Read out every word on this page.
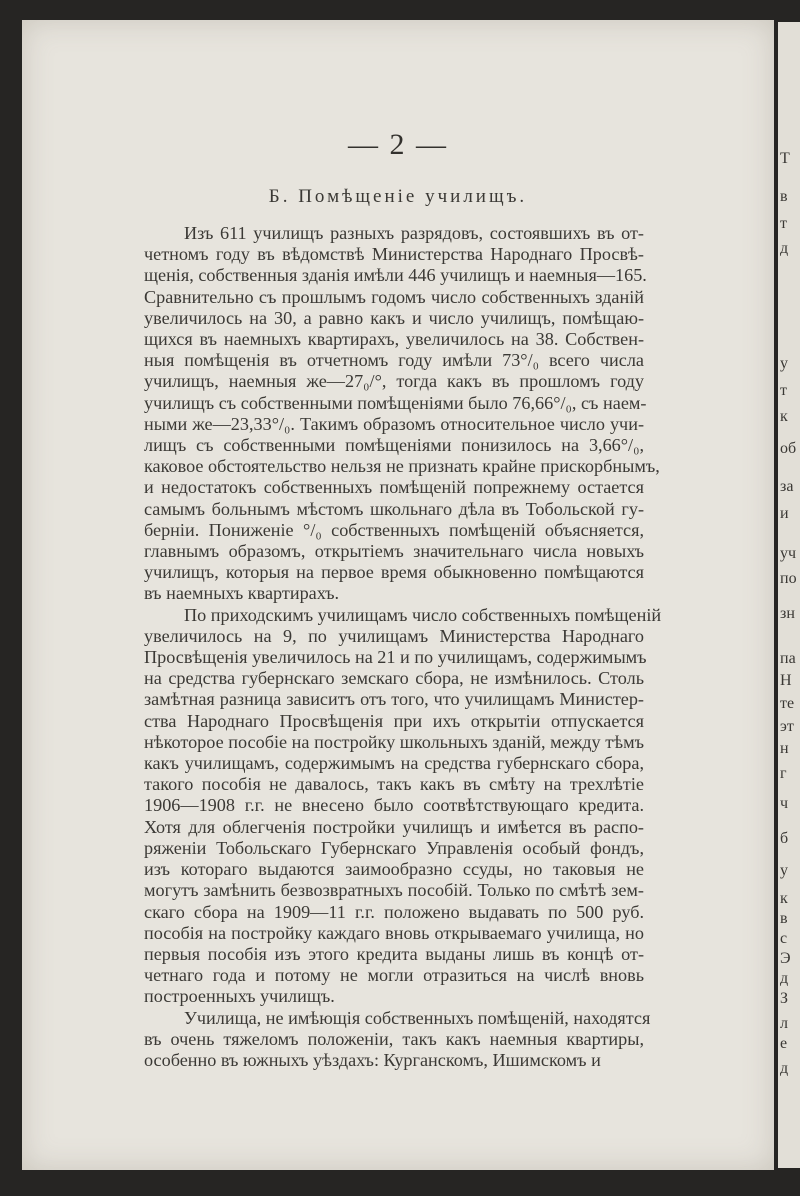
Т
в
т
д
у
т
к
об
за
и
уч
по
зн
па
Н
те
эт
н
г
ч
б
у
к
в
с
Э
д
З
л
е
д
— 2 —
Б. Помѣщенiе училищъ.
Изъ 611 училищъ разныхъ разрядовъ, состоявшихъ въ от-
четномъ году въ вѣдомствѣ Министерства Народнаго Просвѣ-
щенія, собственныя зданія имѣли 446 училищъ и наемныя—165.
Сравнительно съ прошлымъ годомъ число собственныхъ зданій
увеличилось на 30, а равно какъ и число училищъ, помѣщаю-
щихся въ наемныхъ квартирахъ, увеличилось на 38. Собствен-
ныя помѣщенія въ отчетномъ году имѣли 73°/₀ всего числа
училищъ, наемныя же—27₀/°, тогда какъ въ прошломъ году
училищъ съ собственными помѣщеніями было 76,66°/₀, съ наем-
ными же—23,33°/₀. Такимъ образомъ относительное число учи-
лищъ съ собственными помѣщеніями понизилось на 3,66°/₀,
каковое обстоятельство нельзя не признать крайне прискорбнымъ,
и недостатокъ собственныхъ помѣщеній попрежнему остается
самымъ больнымъ мѣстомъ школьнаго дѣла въ Тобольской гу-
берніи. Пониженіе °/₀ собственныхъ помѣщеній объясняется,
главнымъ образомъ, открытіемъ значительнаго числа новыхъ
училищъ, которыя на первое время обыкновенно помѣщаются
въ наемныхъ квартирахъ.
По приходскимъ училищамъ число собственныхъ помѣщеній
увеличилось на 9, по училищамъ Министерства Народнаго
Просвѣщенія увеличилось на 21 и по училищамъ, содержимымъ
на средства губернскаго земскаго сбора, не измѣнилось. Столь
замѣтная разница зависитъ отъ того, что училищамъ Министер-
ства Народнаго Просвѣщенія при ихъ открытіи отпускается
нѣкоторое пособіе на постройку школьныхъ зданій, между тѣмъ
какъ училищамъ, содержимымъ на средства губернскаго сбора,
такого пособія не давалось, такъ какъ въ смѣту на трехлѣтіе
1906—1908 г.г. не внесено было соотвѣтствующаго кредита.
Хотя для облегченія постройки училищъ и имѣется въ распо-
ряженіи Тобольскаго Губернскаго Управленія особый фондъ,
изъ котораго выдаются заимообразно ссуды, но таковыя не
могутъ замѣнить безвозвратныхъ пособій. Только по смѣтѣ зем-
скаго сбора на 1909—11 г.г. положено выдавать по 500 руб.
пособія на постройку каждаго вновь открываемаго училища, но
первыя пособія изъ этого кредита выданы лишь въ концѣ от-
четнаго года и потому не могли отразиться на числѣ вновь
построенныхъ училищъ.
Училища, не имѣющія собственныхъ помѣщеній, находятся
въ очень тяжеломъ положеніи, такъ какъ наемныя квартиры,
особенно въ южныхъ уѣздахъ: Курганскомъ, Ишимскомъ и
